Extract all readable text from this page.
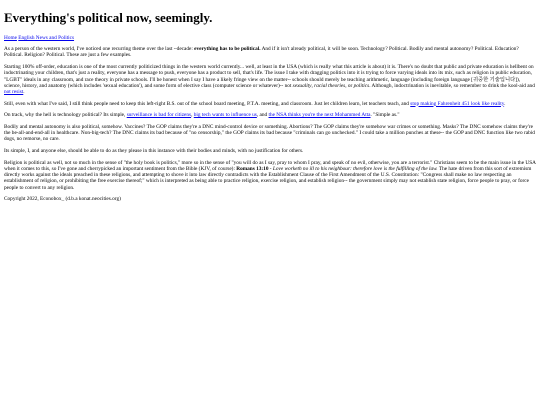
Everything's political now, seemingly.
Home English News and Politics

As a person of the western world, I've noticed one recurring theme over the last ~decade: everything has to be political. And if it isn't already political, it will be soon. Technology? Political. Bodily and mental autonomy? Political. Education? Political. Religion? Political. These are just a few examples.

Starting 100% off-order, education is one of the most currently politicized things in the western world currently... well, at least in the USA (which is really what this article is about) it is. There's no doubt that public and private education is hellbent on indoctrinating your children, that's just a reality, everyone has a message to push, everyone has a product to sell, that's life. The issue I take with dragging politics into it is trying to force varying ideals into its mix, such as religion in public education, "LGBT" ideals in any classroom, and race theory in private schools. I'll be honest when I say I have a likely fringe view on the matter-- schools should merely be teaching arithmetic, language (including foreign language [귀중한 기술입니다]), science, history, and anatomy (which includes 'sexual education'), and some form of elective class (computer science or whatever)-- not sexuality, racial theories, or politics. Although, indoctrination is inevitable, so remember to drink the kool-aid and not resist.

Still, even with what I've said, I still think people need to keep this left-right B.S. out of the school board meeting, P.T.A. meeting, and classroom. Just let children learn, let teachers teach, and stop making Fahrenheit 451 look like reality.

On track, why the hell is technology political? Its simple, surveillance is bad for citizens, big tech wants to influence us, and the NSA thinks you're the next Mohammed Atta. "Simple as."

Bodily and mental autonomy is also political, somehow. Vaccines? The GOP claims they're a DNC mind-control device or something. Abortions? The GOP claims they're somehow war crimes or something. Masks? The DNC somehow claims they're the be-all-and-end-all in healthcare. Non-big-tech? The DNC claims its bad because of "no censorship," the GOP claims its bad because "criminals can go unchecked." I could take a million punches at these-- the GOP and DNC function like two rabid dogs, no remorse, no care.

Its simple, I, and anyone else, should be able to do as they please in this instance with their bodies and minds, with no justification for others.

Religion is political as well, not so much in the sense of "the holy book is politics," more so in the sense of "you will do as I say, pray to whom I pray, and speak of no evil, otherwise, you are a terrorist." Christians seem to be the main issue in the USA when it comes to this, so I've gone and cherrypicked an important sentiment from the Bible (KJV, of course): Romans 13:10 - Love worketh no ill to his neighbour: therefore love is the fulfilling of the law. The hate driven from this sort of extremism directly works against the ideals preached in these religions, and attempting to shove it into law directly contradicts with the Establishment Clause of the First Amendment of the U.S. Constitution: "Congress shall make no law respecting an establishment of religion, or prohibiting the free exercise thereof;" which is interpreted as being able to practice religion, exercise religion, and establish religion-- the government simply may not establish state religion, force people to pray, or force people to convert to any religion.

Copyright 2022, Econobox_ (d.b.a konat.neocities.org)
